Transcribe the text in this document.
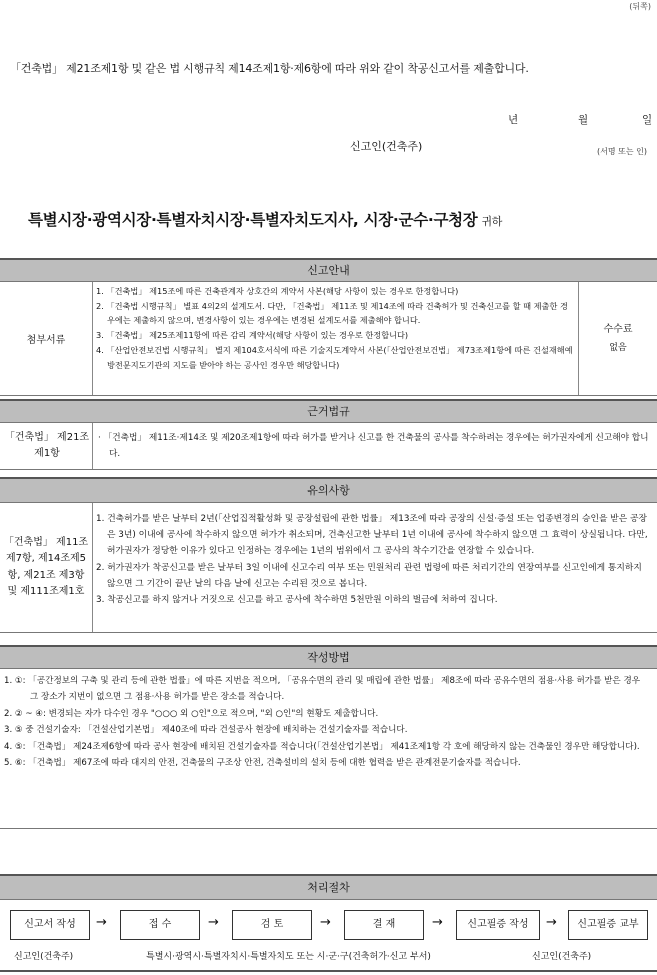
(뒤쪽)
「건축법」 제21조제1항 및 같은 법 시행규칙 제14조제1항·제6항에 따라 위와 같이 착공신고서를 제출합니다.
년	월	일
신고인(건축주)	(서명 또는 인)
특별시장·광역시장·특별자치시장·특별자치도지사, 시장·군수·구청장 귀하
신고안내
첨부서류
1. 「건축법」 제15조에 따른 건축관계자 상호간의 계약서 사본(해당 사항이 있는 경우로 한정합니다)
2. 「건축법 시행규칙」 별표 4의2의 설계도서. 다만, 「건축법」 제11조 및 제14조에 따라 건축허가 및 건축신고를 할 때 제출한 경우에는 제출하지 않으며, 변경사항이 있는 경우에는 변경된 설계도서를 제출해야 합니다.
3. 「건축법」 제25조제11항에 따른 감리 계약서(해당 사항이 있는 경우로 한정합니다)
4. 「산업안전보건법 시행규칙」 별지 제104호서식에 따른 기술지도계약서 사본(「산업안전보건법」 제73조제1항에 따른 건설재해예방전문지도기관의 지도를 받아야 하는 공사인 경우만 해당합니다)
수수료
없음
근거법규
「건축법」 제21조제1항
· 「건축법」 제11조·제14조 및 제20조제1항에 따라 허가를 받거나 신고를 한 건축물의 공사를 착수하려는 경우에는 허가권자에게 신고해야 합니다.
유의사항
「건축법」 제11조 제7항, 제14조제5항, 제21조 제3항 및 제111조제1호
1. 건축허가를 받은 날부터 2년(「산업집적활성화 및 공장설립에 관한 법률」 제13조에 따라 공장의 신설·증설 또는 업종변경의 승인을 받은 공장은 3년) 이내에 공사에 착수하지 않으면 허가가 취소되며, 건축신고한 날부터 1년 이내에 공사에 착수하지 않으면 그 효력이 상실됩니다. 다만, 허가권자가 정당한 이유가 있다고 인정하는 경우에는 1년의 범위에서 그 공사의 착수기간을 연장할 수 있습니다.
2. 허가권자가 착공신고를 받은 날부터 3일 이내에 신고수리 여부 또는 민원처리 관련 법령에 따른 처리기간의 연장여부를 신고인에게 통지하지 않으면 그 기간이 끝난 날의 다음 날에 신고는 수리된 것으로 봅니다.
3. 착공신고를 하지 않거나 거짓으로 신고를 하고 공사에 착수하면 5천만원 이하의 벌금에 처하여 집니다.
작성방법
1. ①: 「공간정보의 구축 및 관리 등에 관한 법률」에 따른 지번을 적으며, 「공유수면의 관리 및 매립에 관한 법률」 제8조에 따라 공유수면의 점용·사용 허가를 받은 경우 그 장소가 지번이 없으면 그 점용·사용 허가를 받은 장소를 적습니다.
2. ② ~ ④: 변경되는 자가 다수인 경우 "○○○ 외 ○인"으로 적으며, "외 ○인"의 현황도 제출합니다.
3. ⑤ 중 건설기술자: 「건설산업기본법」 제40조에 따라 건설공사 현장에 배치하는 건설기술자를 적습니다.
4. ⑤: 「건축법」 제24조제6항에 따라 공사 현장에 배치된 건설기술자를 적습니다(「건설산업기본법」 제41조제1항 각 호에 해당하지 않는 건축물인 경우만 해당합니다).
5. ⑥: 「건축법」 제67조에 따라 대지의 안전, 건축물의 구조상 안전, 건축설비의 설치 등에 대한 협력을 받은 관계전문기술자를 적습니다.
처리절차
신고서 작성	→	접 수	→	검 토	→	결 재	→	신고필증 작성	→	신고필증 교부
신고인(건축주)	특별시·광역시·특별자치시·특별자치도 또는 시·군·구(건축허가·신고 부서)	신고인(건축주)
